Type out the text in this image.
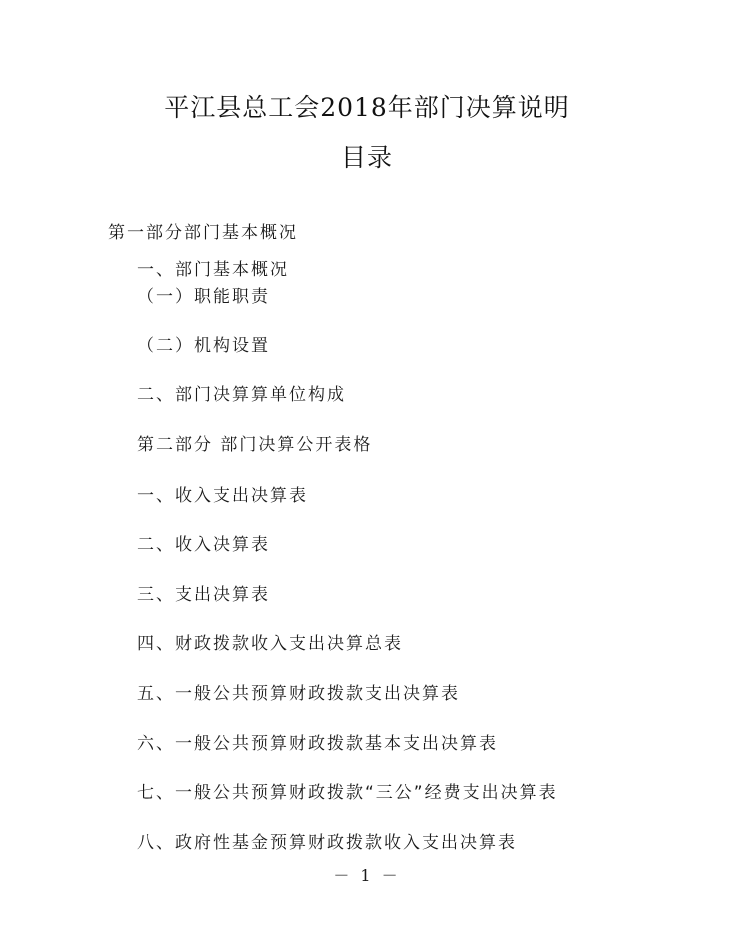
平江县总工会2018年部门决算说明
目录
第一部分部门基本概况
一、部门基本概况
（一）职能职责
（二）机构设置
二、部门决算算单位构成
第二部分 部门决算公开表格
一、收入支出决算表
二、收入决算表
三、支出决算表
四、财政拨款收入支出决算总表
五、一般公共预算财政拨款支出决算表
六、一般公共预算财政拨款基本支出决算表
七、一般公共预算财政拨款“三公”经费支出决算表
八、政府性基金预算财政拨款收入支出决算表
－ 1 －
